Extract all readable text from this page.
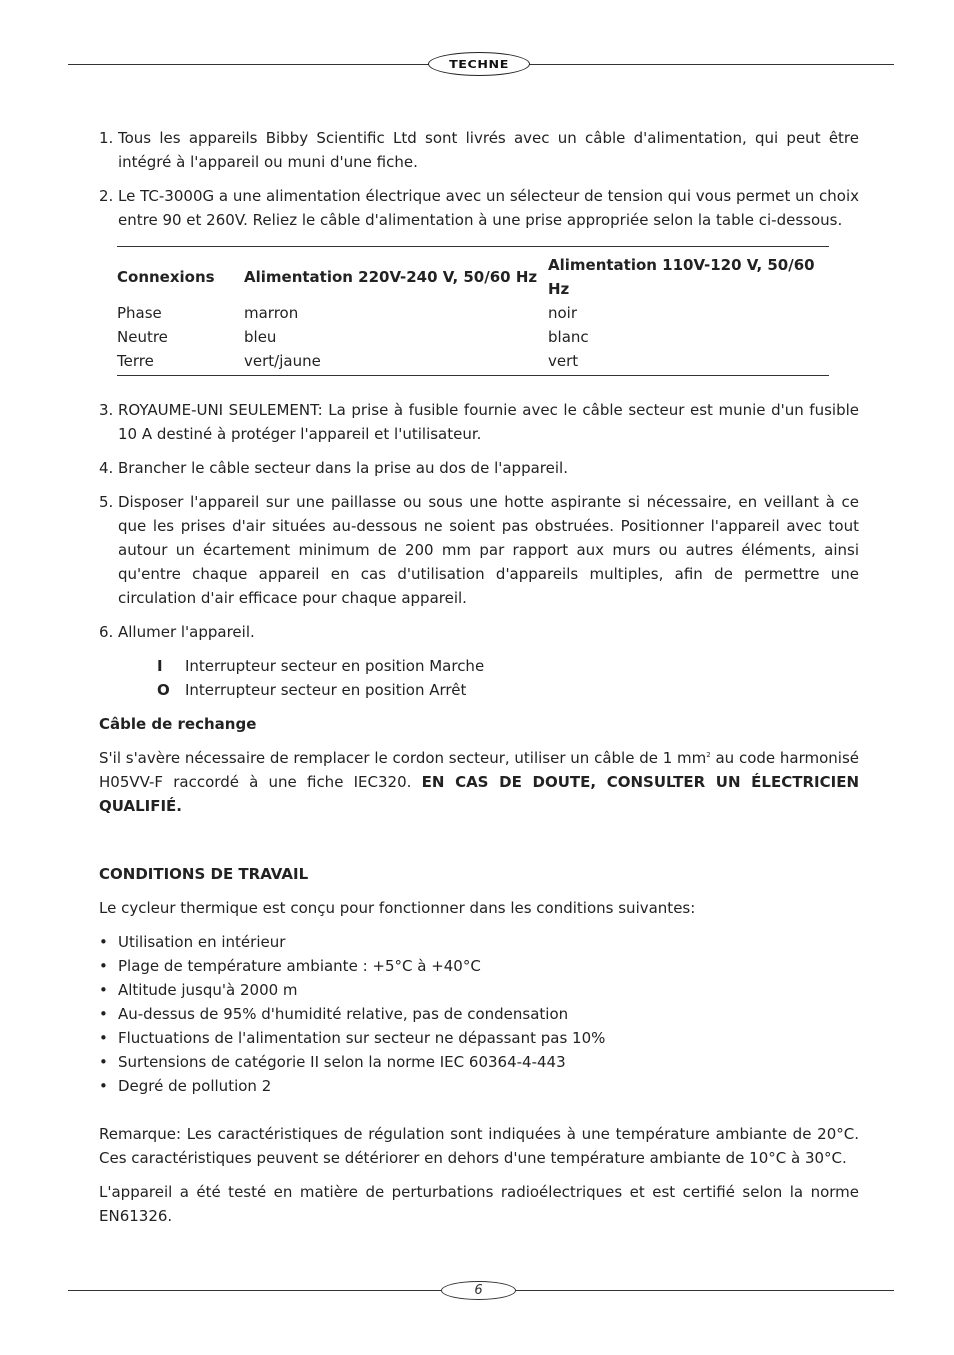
TECHNE
1. Tous les appareils Bibby Scientific Ltd sont livrés avec un câble d'alimentation, qui peut être intégré à l'appareil ou muni d'une fiche.
2. Le TC-3000G a une alimentation électrique avec un sélecteur de tension qui vous permet un choix entre 90 et 260V. Reliez le câble d'alimentation à une prise appropriée selon la table ci-dessous.
Connexions	Alimentation 220V-240 V, 50/60 Hz	Alimentation 110V-120 V, 50/60 Hz
Phase	marron	noir
Neutre	bleu	blanc
Terre	vert/jaune	vert
3. ROYAUME-UNI SEULEMENT: La prise à fusible fournie avec le câble secteur est munie d'un fusible 10 A destiné à protéger l'appareil et l'utilisateur.
4. Brancher le câble secteur dans la prise au dos de l'appareil.
5. Disposer l'appareil sur une paillasse ou sous une hotte aspirante si nécessaire, en veillant à ce que les prises d'air situées au-dessous ne soient pas obstruées. Positionner l'appareil avec tout autour un écartement minimum de 200 mm par rapport aux murs ou autres éléments, ainsi qu'entre chaque appareil en cas d'utilisation d'appareils multiples, afin de permettre une circulation d'air efficace pour chaque appareil.
6. Allumer l'appareil.
I	Interrupteur secteur en position Marche
O	Interrupteur secteur en position Arrêt

Câble de rechange

S'il s'avère nécessaire de remplacer le cordon secteur, utiliser un câble de 1 $mm^2$ au code harmonisé H05VV-F raccordé à une fiche IEC320. EN CAS DE DOUTE, CONSULTER UN ÉLECTRICIEN QUALIFIÉ.

CONDITIONS DE TRAVAIL

Le cycleur thermique est conçu pour fonctionner dans les conditions suivantes:

• Utilisation en intérieur
• Plage de température ambiante : +5°C à +40°C
• Altitude jusqu'à 2000 m
• Au-dessus de 95% d'humidité relative, pas de condensation
• Fluctuations de l'alimentation sur secteur ne dépassant pas 10%
• Surtensions de catégorie II selon la norme IEC 60364-4-443
• Degré de pollution 2

Remarque: Les caractéristiques de régulation sont indiquées à une température ambiante de 20°C. Ces caractéristiques peuvent se détériorer en dehors d'une température ambiante de 10°C à 30°C.

L'appareil a été testé en matière de perturbations radioélectriques et est certifié selon la norme EN61326.

6
